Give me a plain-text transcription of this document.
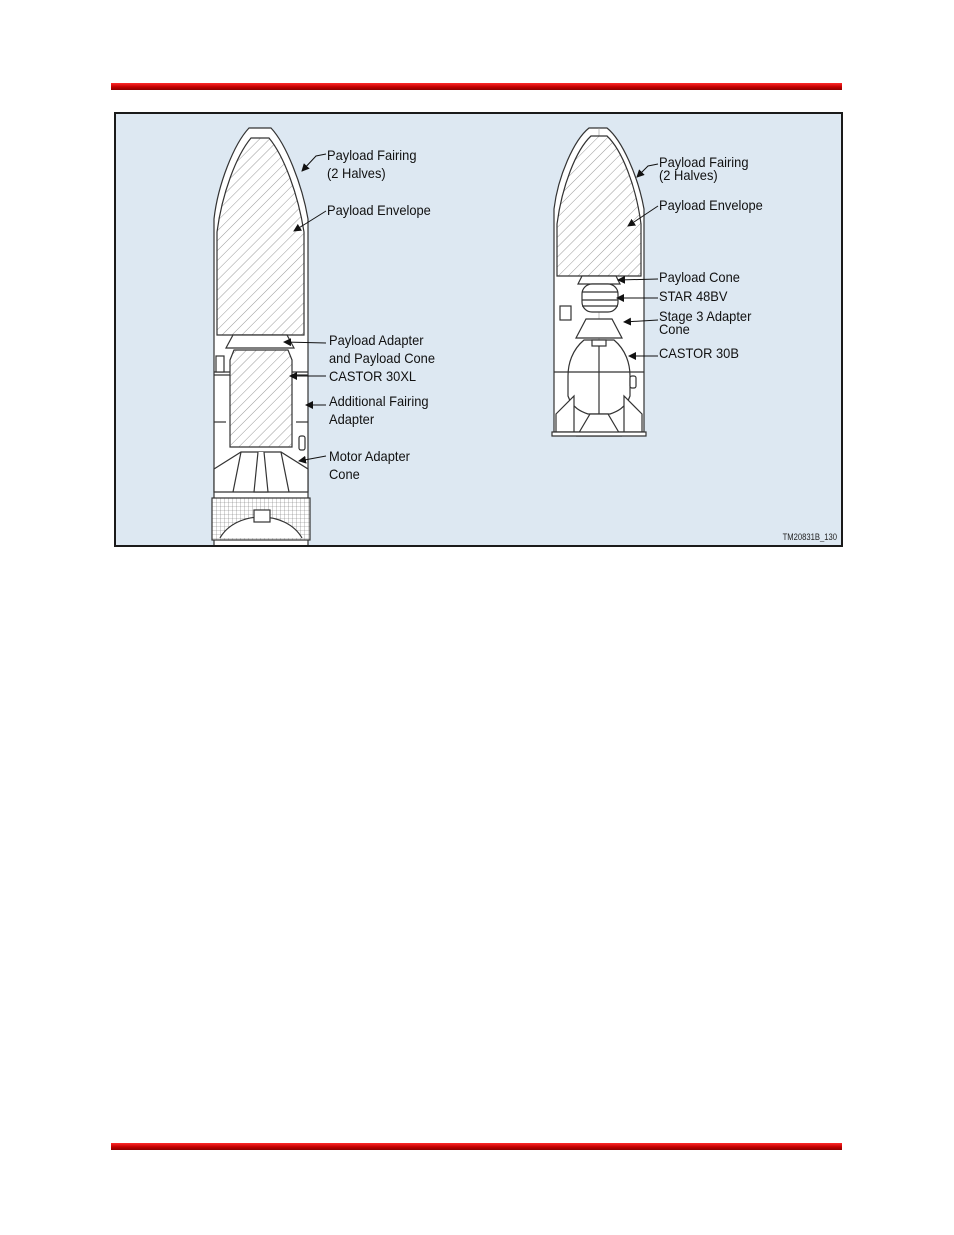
Payload Fairing
(2 Halves)
Payload Envelope
Payload Adapter
and Payload Cone
CASTOR 30XL
Additional Fairing
Adapter
Motor Adapter
Cone
Payload Fairing
(2 Halves)
Payload Envelope
Payload Cone
STAR 48BV
Stage 3 Adapter
Cone
CASTOR 30B
TM20831B_130
